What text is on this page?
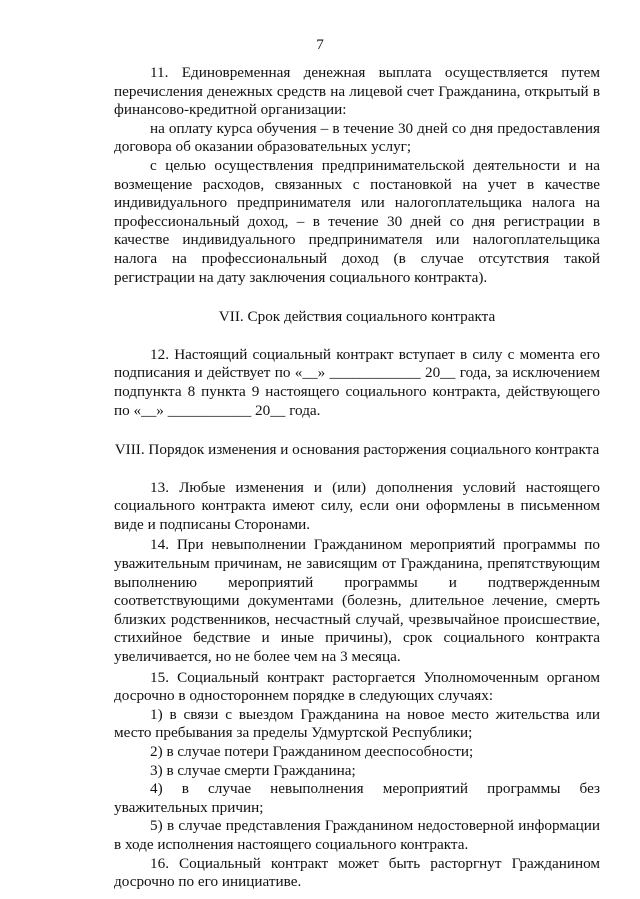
7

11. Единовременная денежная выплата осуществляется путем перечисления денежных средств на лицевой счет Гражданина, открытый в финансово-кредитной организации:

на оплату курса обучения – в течение 30 дней со дня предоставления договора об оказании образовательных услуг;

с целью осуществления предпринимательской деятельности и на возмещение расходов, связанных с постановкой на учет в качестве индивидуального предпринимателя или налогоплательщика налога на профессиональный доход, – в течение 30 дней со дня регистрации в качестве индивидуального предпринимателя или налогоплательщика налога на профессиональный доход (в случае отсутствия такой регистрации на дату заключения социального контракта).

VII. Срок действия социального контракта

12. Настоящий социальный контракт вступает в силу с момента его подписания и действует по «__» ____________ 20__ года, за исключением подпункта 8 пункта 9 настоящего социального контракта, действующего по «__» ___________ 20__ года.

VIII. Порядок изменения и основания расторжения социального контракта

13. Любые изменения и (или) дополнения условий настоящего социального контракта имеют силу, если они оформлены в письменном виде и подписаны Сторонами.

14. При невыполнении Гражданином мероприятий программы по уважительным причинам, не зависящим от Гражданина, препятствующим выполнению мероприятий программы и подтвержденным соответствующими документами (болезнь, длительное лечение, смерть близких родственников, несчастный случай, чрезвычайное происшествие, стихийное бедствие и иные причины), срок социального контракта увеличивается, но не более чем на 3 месяца.

15. Социальный контракт расторгается Уполномоченным органом досрочно в одностороннем порядке в следующих случаях:

1) в связи с выездом Гражданина на новое место жительства или место пребывания за пределы Удмуртской Республики;

2) в случае потери Гражданином дееспособности;

3) в случае смерти Гражданина;

4) в случае невыполнения мероприятий программы без уважительных причин;

5) в случае представления Гражданином недостоверной информации в ходе исполнения настоящего социального контракта.

16. Социальный контракт может быть расторгнут Гражданином досрочно по его инициативе.
